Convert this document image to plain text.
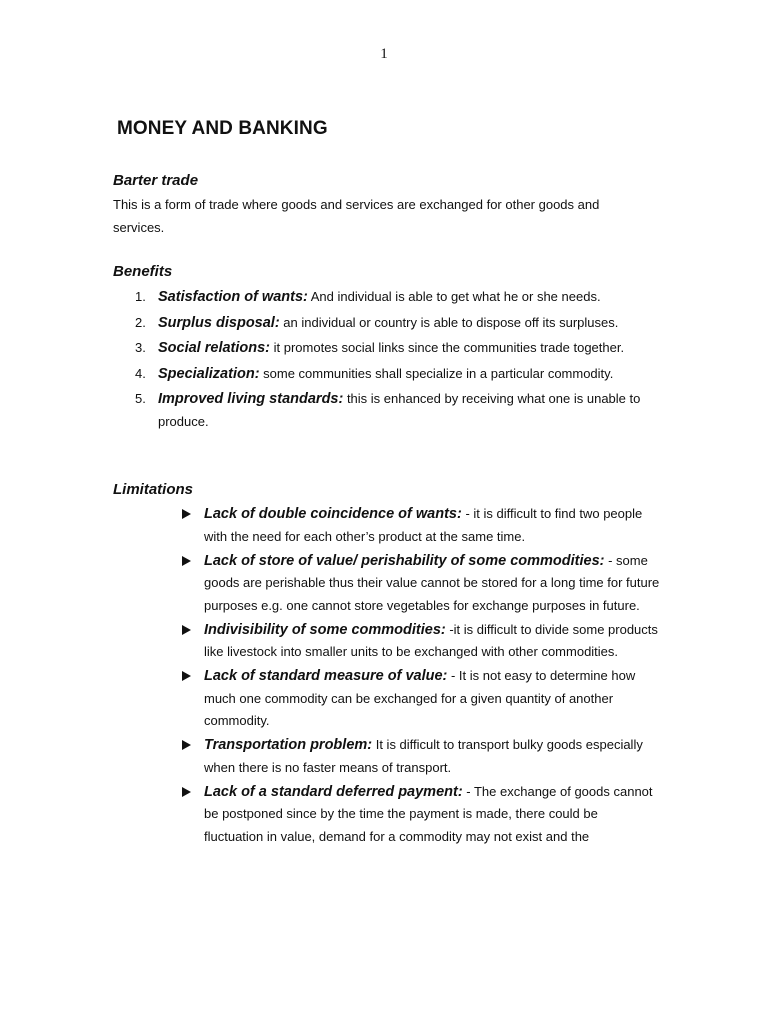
1
MONEY AND BANKING
Barter trade

This is a form of trade where goods and services are exchanged for other goods and services.

Benefits
1. Satisfaction of wants: And individual is able to get what he or she needs.
2. Surplus disposal: an individual or country is able to dispose off its surpluses.
3. Social relations: it promotes social links since the communities trade together.
4. Specialization: some communities shall specialize in a particular commodity.
5. Improved living standards: this is enhanced by receiving what one is unable to produce.
Limitations
Lack of double coincidence of wants: - it is difficult to find two people with the need for each other’s product at the same time.
Lack of store of value/ perishability of some commodities: - some goods are perishable thus their value cannot be stored for a long time for future purposes e.g. one cannot store vegetables for exchange purposes in future.
Indivisibility of some commodities: -it is difficult to divide some products like livestock into smaller units to be exchanged with other commodities.
Lack of standard measure of value: - It is not easy to determine how much one commodity can be exchanged for a given quantity of another commodity.
Transportation problem: It is difficult to transport bulky goods especially when there is no faster means of transport.
Lack of a standard deferred payment: - The exchange of goods cannot be postponed since by the time the payment is made, there could be fluctuation in value, demand for a commodity may not exist and the
